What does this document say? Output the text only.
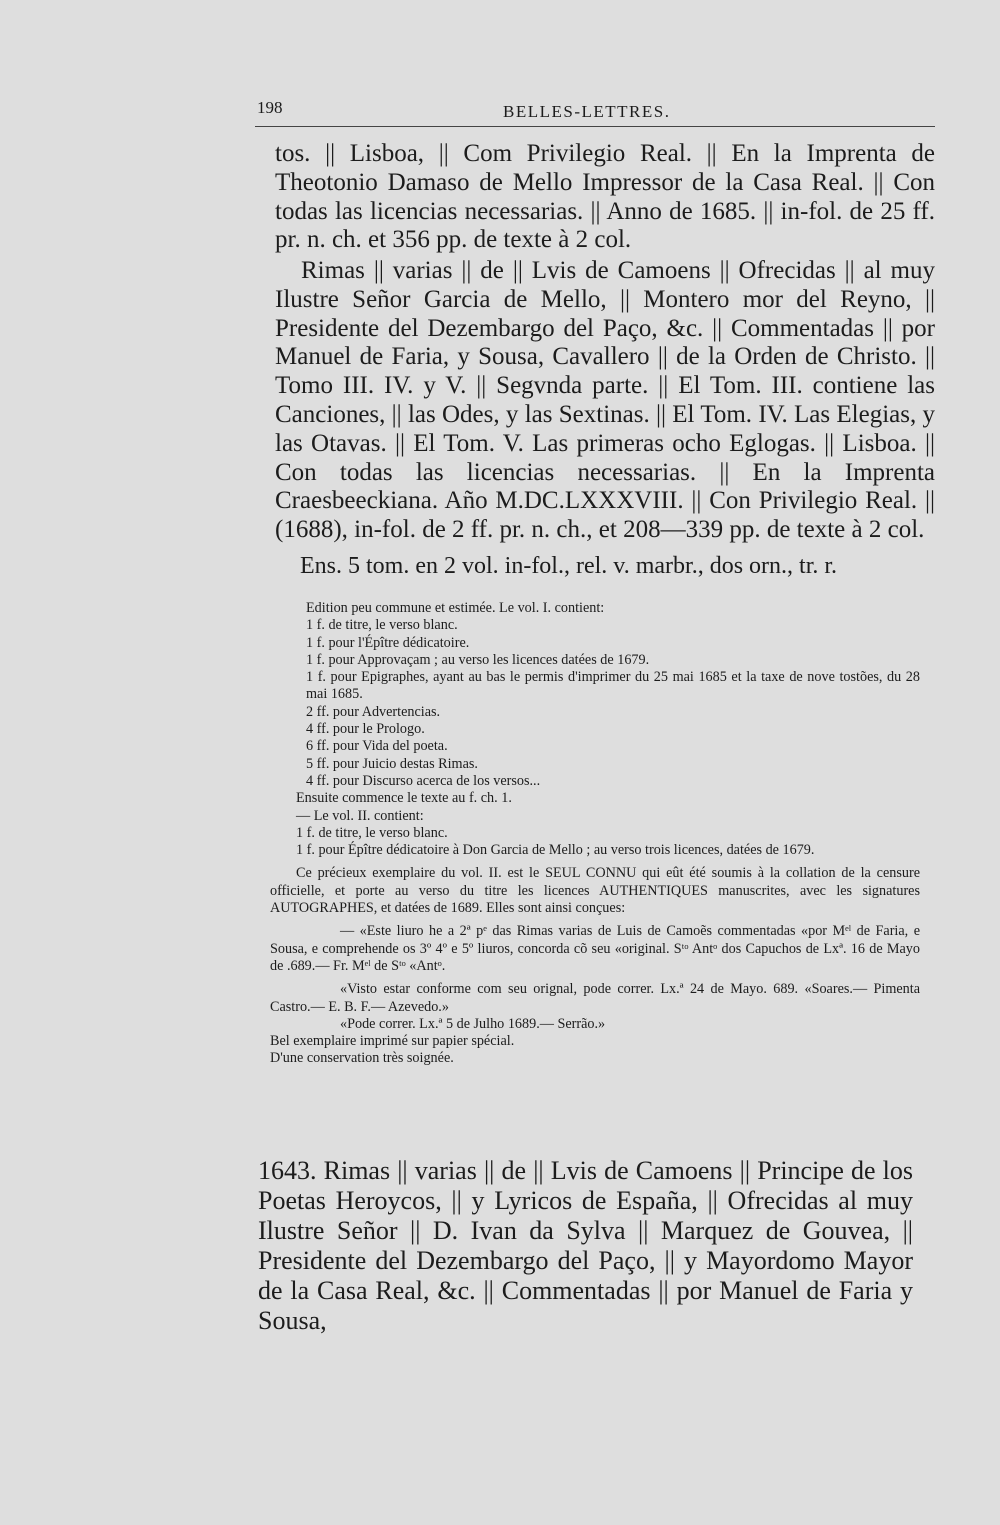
198	BELLES-LETTRES.

tos. || Lisboa, || Com Privilegio Real. || En la Imprenta de Theotonio Damaso de Mello Impressor de la Casa Real. || Con todas las licencias necessarias. || Anno de 1685. || in-fol. de 25 ff. pr. n. ch. et 356 pp. de texte à 2 col.

Rimas || varias || de || Lvis de Camoens || Ofrecidas || al muy Ilustre Señor Garcia de Mello, || Montero mor del Reyno, || Presidente del Dezembargo del Paço, &c. || Commentadas || por Manuel de Faria, y Sousa, Cavallero || de la Orden de Christo. || Tomo III. IV. y V. || Segvnda parte. || El Tom. III. contiene las Canciones, || las Odes, y las Sextinas. || El Tom. IV. Las Elegias, y las Otavas. || El Tom. V. Las primeras ocho Eglogas. || Lisboa. || Con todas las licencias necessarias. || En la Imprenta Craesbeeckiana. Año M.DC.LXXXVIII. || Con Privilegio Real. || (1688), in-fol. de 2 ff. pr. n. ch., et 208—339 pp. de texte à 2 col.

Ens. 5 tom. en 2 vol. in-fol., rel. v. marbr., dos orn., tr. r.

Edition peu commune et estimée. Le vol. I. contient:

1 f. de titre, le verso blanc.

1 f. pour l'Épître dédicatoire.

1 f. pour Approvaçam ; au verso les licences datées de 1679.

1 f. pour Epigraphes, ayant au bas le permis d'imprimer du 25 mai 1685 et la taxe de nove tostões, du 28 mai 1685.

2 ff. pour Advertencias.

4 ff. pour le Prologo.

6 ff. pour Vida del poeta.

5 ff. pour Juicio destas Rimas.

4 ff. pour Discurso acerca de los versos...

Ensuite commence le texte au f. ch. 1.

— Le vol. II. contient:

1 f. de titre, le verso blanc.

1 f. pour Épître dédicatoire à Don Garcia de Mello ; au verso trois licences, datées de 1679.

Ce précieux exemplaire du vol. II. est le SEUL CONNU qui eût été soumis à la collation de la censure officielle, et porte au verso du titre les licences AUTHENTIQUES manuscrites, avec les signatures AUTOGRAPHES, et datées de 1689. Elles sont ainsi conçues:

— «Este liuro he a 2ª pᵉ das Rimas varias de Luis de Camoẽs commentadas «por Mᵉˡ de Faria, e Sousa, e comprehende os 3º 4º e 5º liuros, concorda cõ seu «original. Sᵗᵒ Antᵒ dos Capuchos de Lxª. 16 de Mayo de .689.— Fr. Mᵉˡ de Sᵗᵒ «Antᵒ.

«Visto estar conforme com seu orignal, pode correr. Lx.ª 24 de Mayo. 689. «Soares.— Pimenta Castro.— E. B. F.— Azevedo.»

«Pode correr. Lx.ª 5 de Julho 1689.— Serrão.»

Bel exemplaire imprimé sur papier spécial.

D'une conservation très soignée.

1643. Rimas || varias || de || Lvis de Camoens || Principe de los Poetas Heroycos, || y Lyricos de España, || Ofrecidas al muy Ilustre Señor || D. Ivan da Sylva || Marquez de Gouvea, || Presidente del Dezembargo del Paço, || y Mayordomo Mayor de la Casa Real, &c. || Commentadas || por Manuel de Faria y Sousa,
